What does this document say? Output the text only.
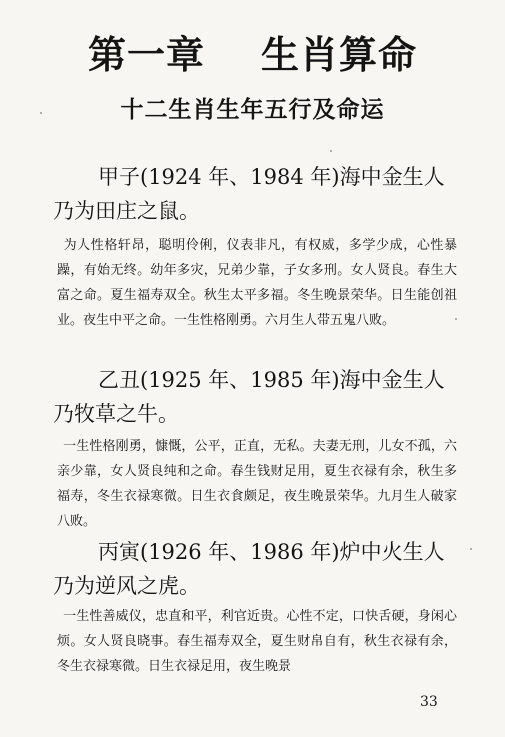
第一章 生肖算命
十二生肖生年五行及命运
甲子(1924 年、1984 年)海中金生人
乃为田庄之鼠。
为人性格轩昂，聪明伶俐，仪表非凡，有权威，多学少成，心性暴躁，有始无终。幼年多灾，兄弟少靠，子女多刑。女人贤良。春生大富之命。夏生福寿双全。秋生太平多福。冬生晚景荣华。日生能创祖业。夜生中平之命。一生性格刚勇。六月生人带五鬼八败。
乙丑(1925 年、1985 年)海中金生人
乃牧草之牛。
一生性格刚勇，慷慨，公平，正直，无私。夫妻无刑，儿女不孤，六亲少靠，女人贤良纯和之命。春生钱财足用，夏生衣禄有余，秋生多福寿，冬生衣禄寒微。日生衣食颇足，夜生晚景荣华。九月生人破家八败。
丙寅(1926 年、1986 年)炉中火生人
乃为逆风之虎。
一生性善威仪，忠直和平，利官近贵。心性不定，口快舌硬，身闲心烦。女人贤良晓事。春生福寿双全，夏生财帛自有，秋生衣禄有余，冬生衣禄寒微。日生衣禄足用，夜生晚景
33
